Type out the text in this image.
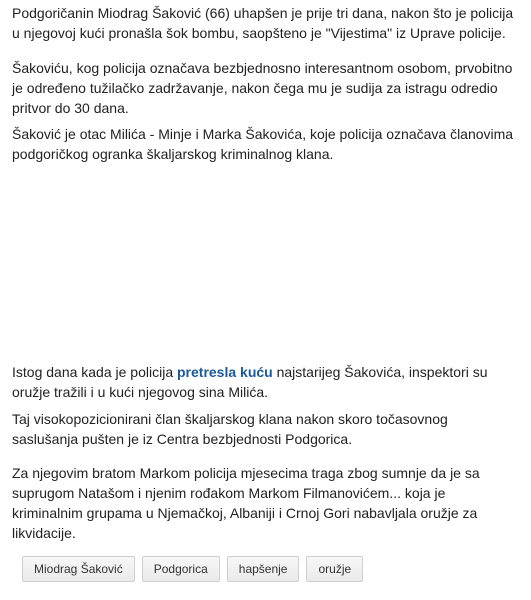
Podgoričanin Miodrag Šaković (66) uhapšen je prije tri dana, nakon što je policija u njegovoj kući pronašla šok bombu, saopšteno je "Vijestima" iz Uprave policije.

Šakoviću, kog policija označava bezbjednosno interesantnom osobom, prvobitno je određeno tužilačko zadržavanje, nakon čega mu je sudija za istragu odredio pritvor do 30 dana.

Šaković je otac Milića - Minje i Marka Šakovića, koje policija označava članovima podgoričkog ogranka škaljarskog kriminalnog klana.

Istog dana kada je policija pretresla kuću najstarijeg Šakovića, inspektori su oružje tražili i u kući njegovog sina Milića.

Taj visokopozicionirani član škaljarskog klana nakon skoro točasovnog saslušanja pušten je iz Centra bezbjednosti Podgorica.

Za njegovim bratom Markom policija mjesecima traga zbog sumnje da je sa suprugom Natašom i njenim rođakom Markom Filmanovićem... koja je kriminalnim grupama u Njemačkoj, Albaniji i Crnoj Gori nabavljala oružje za likvidacije.

Miodrag Šaković	Podgorica	hapšenje	oružje
